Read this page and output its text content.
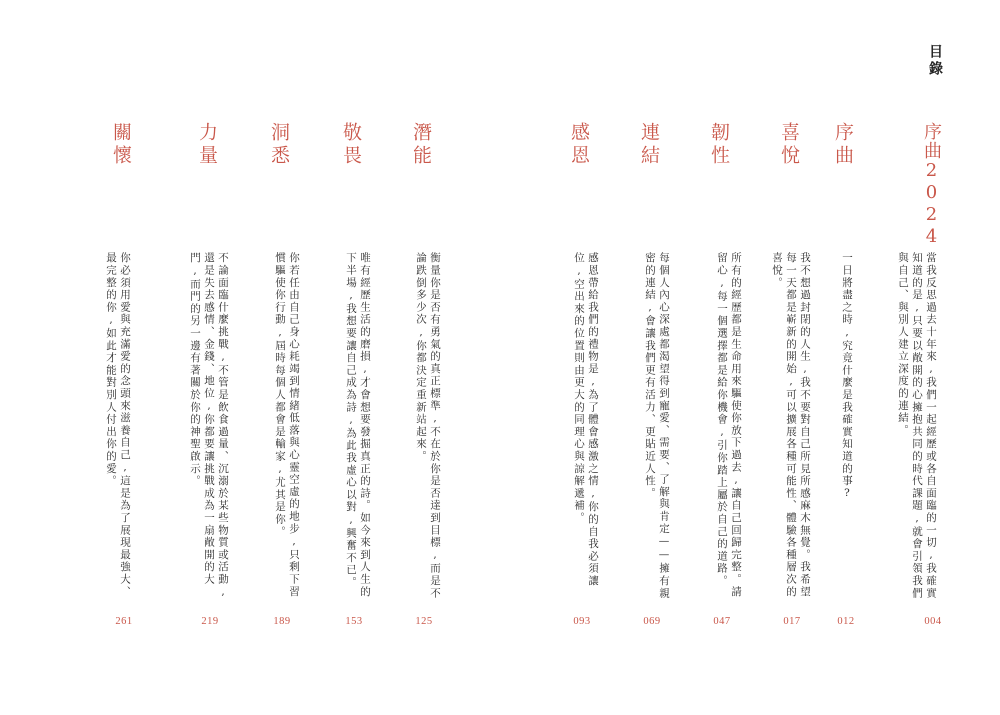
目錄
序曲2024
當我反思過去十年來,我們一起經歷或各自面臨的一切,我確實知道的是,只要以敞開的心擁抱共同的時代課題,就會引領我們與自己、與別人建立深度的連結。
004
序曲
一日將盡之時,究竟什麼是我確實知道的事?
012
喜悅
我不想過封閉的人生,我不要對自己所見所感麻木無覺。我希望每一天都是嶄新的開始,可以擴展各種可能性、體驗各種層次的喜悅。
017
韌性
所有的經歷都是生命用來驅使你放下過去,讓自己回歸完整。請留心,每一個選擇都是給你機會,引你踏上屬於自己的道路。
047
連結
每個人內心深處都渴望得到寵愛、需要、了解與肯定——擁有親密的連結,會讓我們更有活力、更貼近人性。
069
感恩
感恩帶給我們的禮物是,為了體會感激之情,你的自我必須讓位,空出來的位置則由更大的同理心與諒解遞補。
093
潛能
衡量你是否有勇氣的真正標準,不在於你是否達到目標,而是不論跌倒多少次,你都決定重新站起來。
125
敬畏
唯有經歷生活的磨損,才會想要發掘真正的詩。如今來到人生的下半場,我想要讓自己成為詩,為此我虛心以對,興奮不已。
153
洞悉
你若任由自己身心耗竭到情緒低落與心靈空虛的地步,只剩下習慣驅使你行動,屆時每個人都會是輸家,尤其是你。
189
力量
不論面臨什麼挑戰,不管是飲食過量、沉溺於某些物質或活動,還是失去感情、金錢、地位,你都要讓挑戰成為一扇敞開的大門,而門的另一邊有著關於你的神聖啟示。
219
關懷
你必須用愛與充滿愛的念頭來滋養自己,這是為了展現最強大、最完整的你,如此才能對別人付出你的愛。
261
